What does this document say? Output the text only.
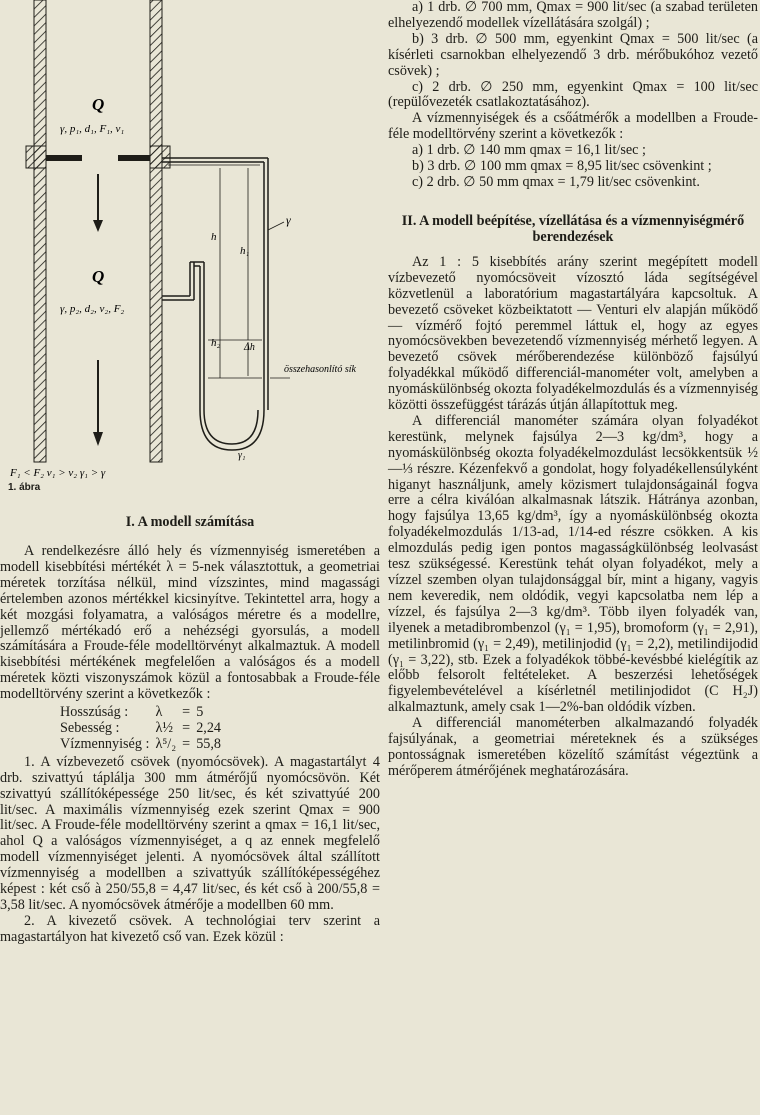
Q
γ, p₁, d₁, F₁, v₁
Q
γ, p₂, d₂, v₂, F₂
h
h₁
h₂ Δh
γ
γ₁
összehasonlító sík
F₁ < F₂ v₁ > v₂ γ₁ > γ
1. ábra

I. A modell számítása

A rendelkezésre álló hely és vízmennyiség ismeretében a modell kisebbítési mértékét λ = 5-nek választottuk, a geometriai méretek torzítása nélkül, mind vízszintes, mind magassági értelemben azonos mértékkel kicsinyítve. Tekintettel arra, hogy a két mozgási folyamatra, a valóságos méretre és a modellre, jellemző mértékadó erő a nehézségi gyorsulás, a modell számítására a Froude-féle modelltörvényt alkalmaztuk. A modell kisebbítési mértékének megfelelően a valóságos és a modell méretek közti viszonyszámok közül a fontosabbak a Froude-féle modelltörvény szerint a következők :

Hosszúság :	λ	=	5
Sebesség :	λ½	=	2,24
Vízmennyiség :	λ⁵/₂	=	55,8

1. A vízbevezető csövek (nyomócsövek). A magastartályt 4 drb. szivattyú táplálja 300 mm átmérőjű nyomócsövön. Két szivattyú szállítóképessége 250 lit/sec, és két szivattyúé 200 lit/sec. A maximális vízmennyiség ezek szerint Qmax = 900 lit/sec. A Froude-féle modelltörvény szerint a qmax = 16,1 lit/sec, ahol Q a valóságos vízmennyiséget, a q az ennek megfelelő modell vízmennyiséget jelenti. A nyomócsövek által szállított vízmennyiség a modellben a szivattyúk szállítóképességéhez képest : két cső à 250/55,8 = 4,47 lit/sec, és két cső à 200/55,8 = 3,58 lit/sec. A nyomócsövek átmérője a modellben 60 mm.

2. A kivezető csövek. A technológiai terv szerint a magastartályon hat kivezető cső van. Ezek közül :

a) 1 drb. ∅ 700 mm, Qmax = 900 lit/sec (a szabad területen elhelyezendő modellek vízellátására szolgál) ;

b) 3 drb. ∅ 500 mm, egyenkint Qmax = 500 lit/sec (a kísérleti csarnokban elhelyezendő 3 drb. mérőbukóhoz vezető csövek) ;

c) 2 drb. ∅ 250 mm, egyenkint Qmax = 100 lit/sec (repülővezeték csatlakoztatásához).

A vízmennyiségek és a csőátmérők a modellben a Froude-féle modelltörvény szerint a következők :

a) 1 drb. ∅ 140 mm qmax = 16,1 lit/sec ;

b) 3 drb. ∅ 100 mm qmax = 8,95 lit/sec csövenkint ;

c) 2 drb. ∅ 50 mm qmax = 1,79 lit/sec csövenkint.

II. A modell beépítése, vízellátása és a vízmennyiségmérő berendezések

Az 1 : 5 kisebbítés arány szerint megépített modell vízbevezető nyomócsöveit vízosztó láda segítségével közvetlenül a laboratórium magastartályára kapcsoltuk. A bevezető csöveket közbeiktatott — Venturi elv alapján működő — vízmérő fojtó peremmel láttuk el, hogy az egyes nyomócsövekben bevezetendő vízmennyiség mérhető legyen. A bevezető csövek mérőberendezése különböző fajsúlyú folyadékkal működő differenciál-manométer volt, amelyben a nyomáskülönbség okozta folyadékelmozdulás és a vízmennyiség közötti összefüggést tárázás útján állapítottuk meg.

A differenciál manométer számára olyan folyadékot kerestünk, melynek fajsúlya 2—3 kg/dm³, hogy a nyomáskülönbség okozta folyadékelmozdulást lecsökkentsük ½—⅓ részre. Kézenfekvő a gondolat, hogy folyadékellensúlyként higanyt használjunk, amely közismert tulajdonságainál fogva erre a célra kiválóan alkalmasnak látszik. Hátránya azonban, hogy fajsúlya 13,65 kg/dm³, így a nyomáskülönbség okozta folyadékelmozdulás 1/13-ad, 1/14-ed részre csökken. A kis elmozdulás pedig igen pontos magasságkülönbség leolvasást tesz szükségessé. Kerestünk tehát olyan folyadékot, mely a vízzel szemben olyan tulajdonsággal bír, mint a higany, vagyis nem keveredik, nem oldódik, vegyi kapcsolatba nem lép a vízzel, és fajsúlya 2—3 kg/dm³. Több ilyen folyadék van, ilyenek a metadibrombenzol (γ₁ = 1,95), bromoform (γ₁ = 2,91), metilinbromid (γ₁ = 2,49), metilinjodid (γ₁ = 2,2), metilindijodid (γ₁ = 3,22), stb. Ezek a folyadékok többé-kevésbbé kielégítik az előbb felsorolt feltételeket. A beszerzési lehetőségek figyelembevételével a kísérletnél metilinjodidot (C H₂J) alkalmaztunk, amely csak 1—2%-ban oldódik vízben.

A differenciál manométerben alkalmazandó folyadék fajsúlyának, a geometriai méreteknek és a szükséges pontosságnak ismeretében közelítő számítást végeztünk a mérőperem átmérőjének meghatározására.
